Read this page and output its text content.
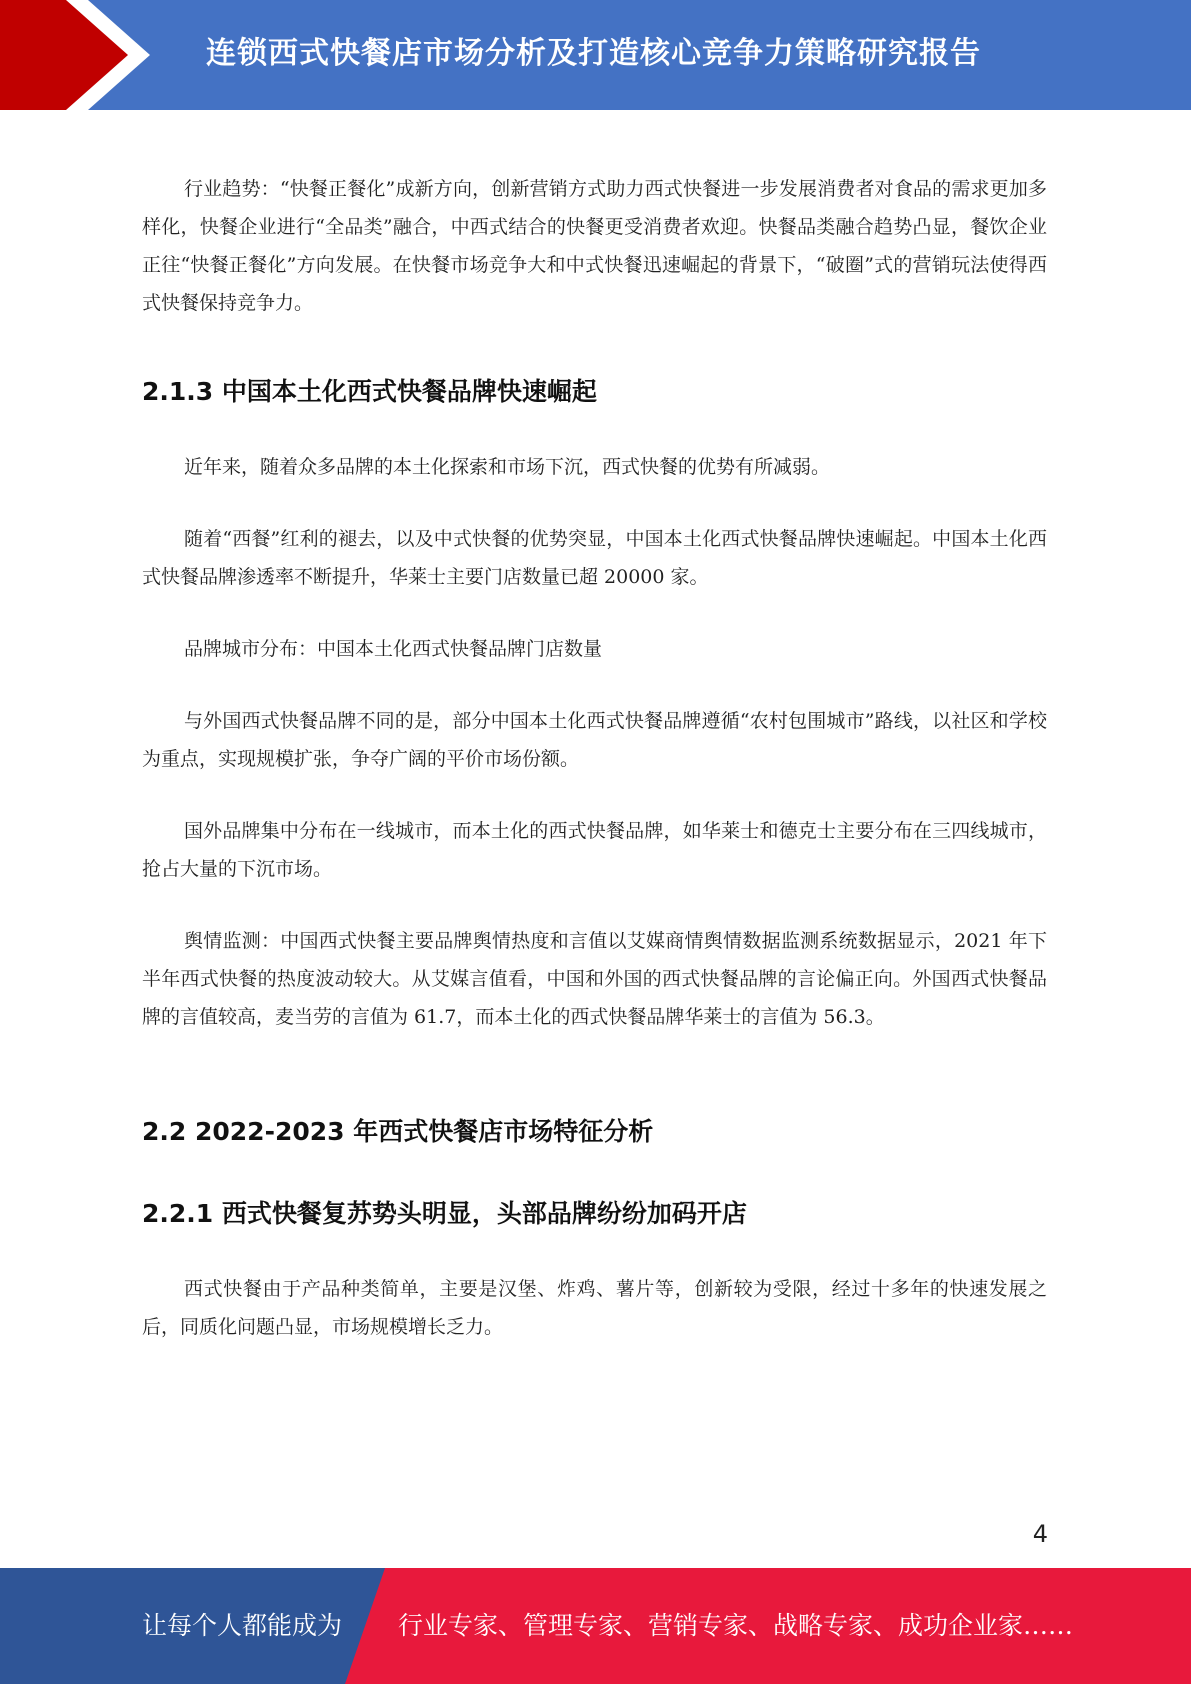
连锁西式快餐店市场分析及打造核心竞争力策略研究报告

行业趋势：“快餐正餐化”成新方向，创新营销方式助力西式快餐进一步发展消费者对食品的需求更加多样化，快餐企业进行“全品类”融合，中西式结合的快餐更受消费者欢迎。快餐品类融合趋势凸显，餐饮企业正往“快餐正餐化”方向发展。在快餐市场竞争大和中式快餐迅速崛起的背景下，“破圈”式的营销玩法使得西式快餐保持竞争力。

2.1.3 中国本土化西式快餐品牌快速崛起

近年来，随着众多品牌的本土化探索和市场下沉，西式快餐的优势有所减弱。

随着“西餐”红利的褪去，以及中式快餐的优势突显，中国本土化西式快餐品牌快速崛起。中国本土化西式快餐品牌渗透率不断提升，华莱士主要门店数量已超 20000 家。

品牌城市分布：中国本土化西式快餐品牌门店数量

与外国西式快餐品牌不同的是，部分中国本土化西式快餐品牌遵循“农村包围城市”路线，以社区和学校为重点，实现规模扩张，争夺广阔的平价市场份额。

国外品牌集中分布在一线城市，而本土化的西式快餐品牌，如华莱士和德克士主要分布在三四线城市，抢占大量的下沉市场。

舆情监测：中国西式快餐主要品牌舆情热度和言值以艾媒商情舆情数据监测系统数据显示，2021 年下半年西式快餐的热度波动较大。从艾媒言值看，中国和外国的西式快餐品牌的言论偏正向。外国西式快餐品牌的言值较高，麦当劳的言值为 61.7，而本土化的西式快餐品牌华莱士的言值为 56.3。

2.2 2022-2023 年西式快餐店市场特征分析
2.2.1 西式快餐复苏势头明显，头部品牌纷纷加码开店

西式快餐由于产品种类简单，主要是汉堡、炸鸡、薯片等，创新较为受限，经过十多年的快速发展之后，同质化问题凸显，市场规模增长乏力。

4
让每个人都能成为 行业专家、管理专家、营销专家、战略专家、成功企业家……
